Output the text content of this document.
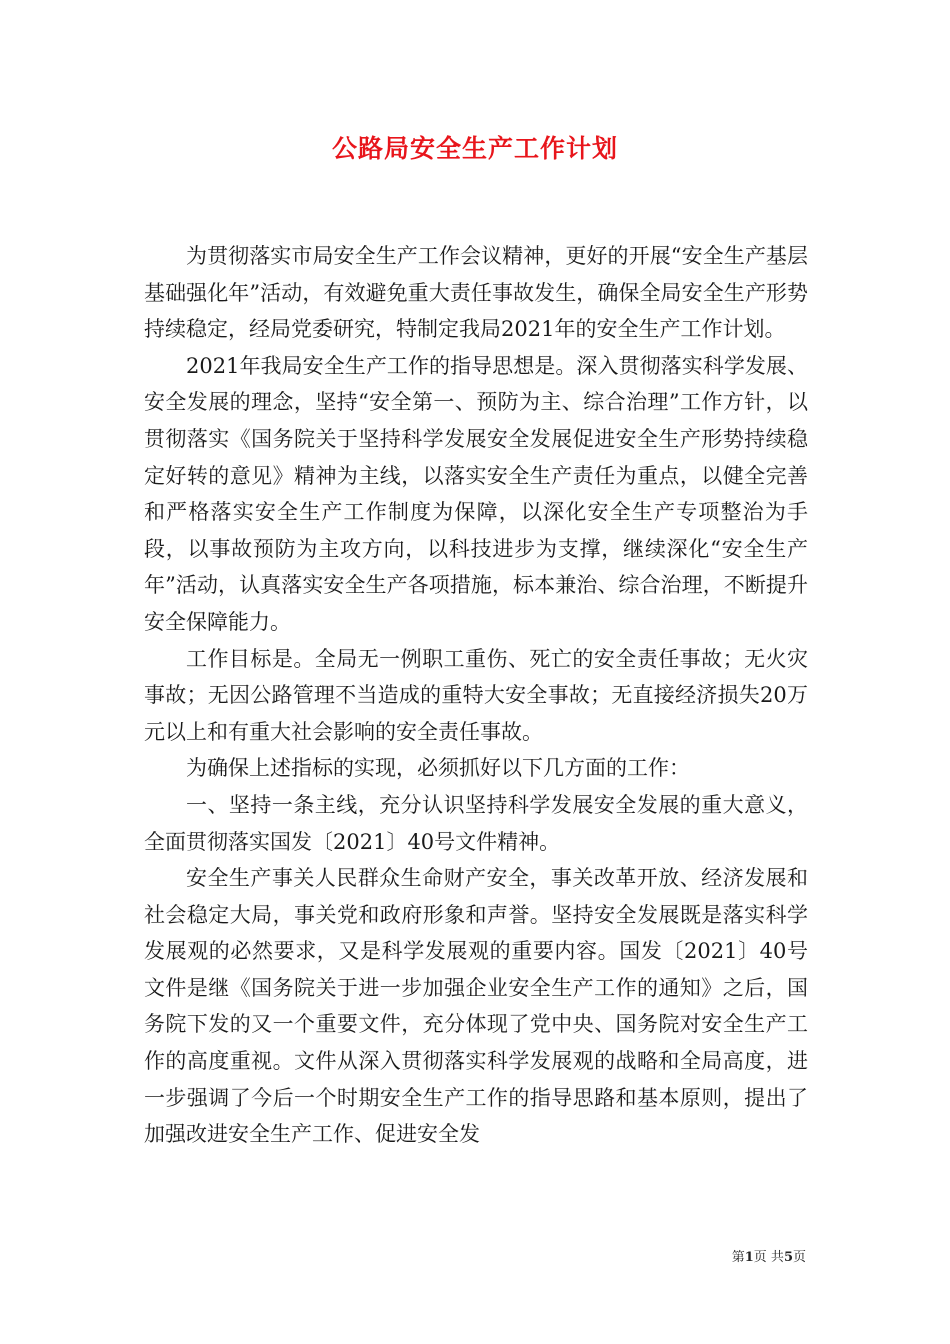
公路局安全生产工作计划

为贯彻落实市局安全生产工作会议精神，更好的开展“安全生产基层基础强化年”活动，有效避免重大责任事故发生，确保全局安全生产形势持续稳定，经局党委研究，特制定我局2021年的安全生产工作计划。

2021年我局安全生产工作的指导思想是。深入贯彻落实科学发展、安全发展的理念，坚持“安全第一、预防为主、综合治理”工作方针，以贯彻落实《国务院关于坚持科学发展安全发展促进安全生产形势持续稳定好转的意见》精神为主线，以落实安全生产责任为重点，以健全完善和严格落实安全生产工作制度为保障，以深化安全生产专项整治为手段，以事故预防为主攻方向，以科技进步为支撑，继续深化“安全生产年”活动，认真落实安全生产各项措施，标本兼治、综合治理，不断提升安全保障能力。

工作目标是。全局无一例职工重伤、死亡的安全责任事故；无火灾事故；无因公路管理不当造成的重特大安全事故；无直接经济损失20万元以上和有重大社会影响的安全责任事故。

为确保上述指标的实现，必须抓好以下几方面的工作：

一、坚持一条主线，充分认识坚持科学发展安全发展的重大意义，全面贯彻落实国发〔2021〕40号文件精神。

安全生产事关人民群众生命财产安全，事关改革开放、经济发展和社会稳定大局，事关党和政府形象和声誉。坚持安全发展既是落实科学发展观的必然要求，又是科学发展观的重要内容。国发〔2021〕40号文件是继《国务院关于进一步加强企业安全生产工作的通知》之后，国务院下发的又一个重要文件，充分体现了党中央、国务院对安全生产工作的高度重视。文件从深入贯彻落实科学发展观的战略和全局高度，进一步强调了今后一个时期安全生产工作的指导思路和基本原则，提出了加强改进安全生产工作、促进安全发

第1页 共5页
